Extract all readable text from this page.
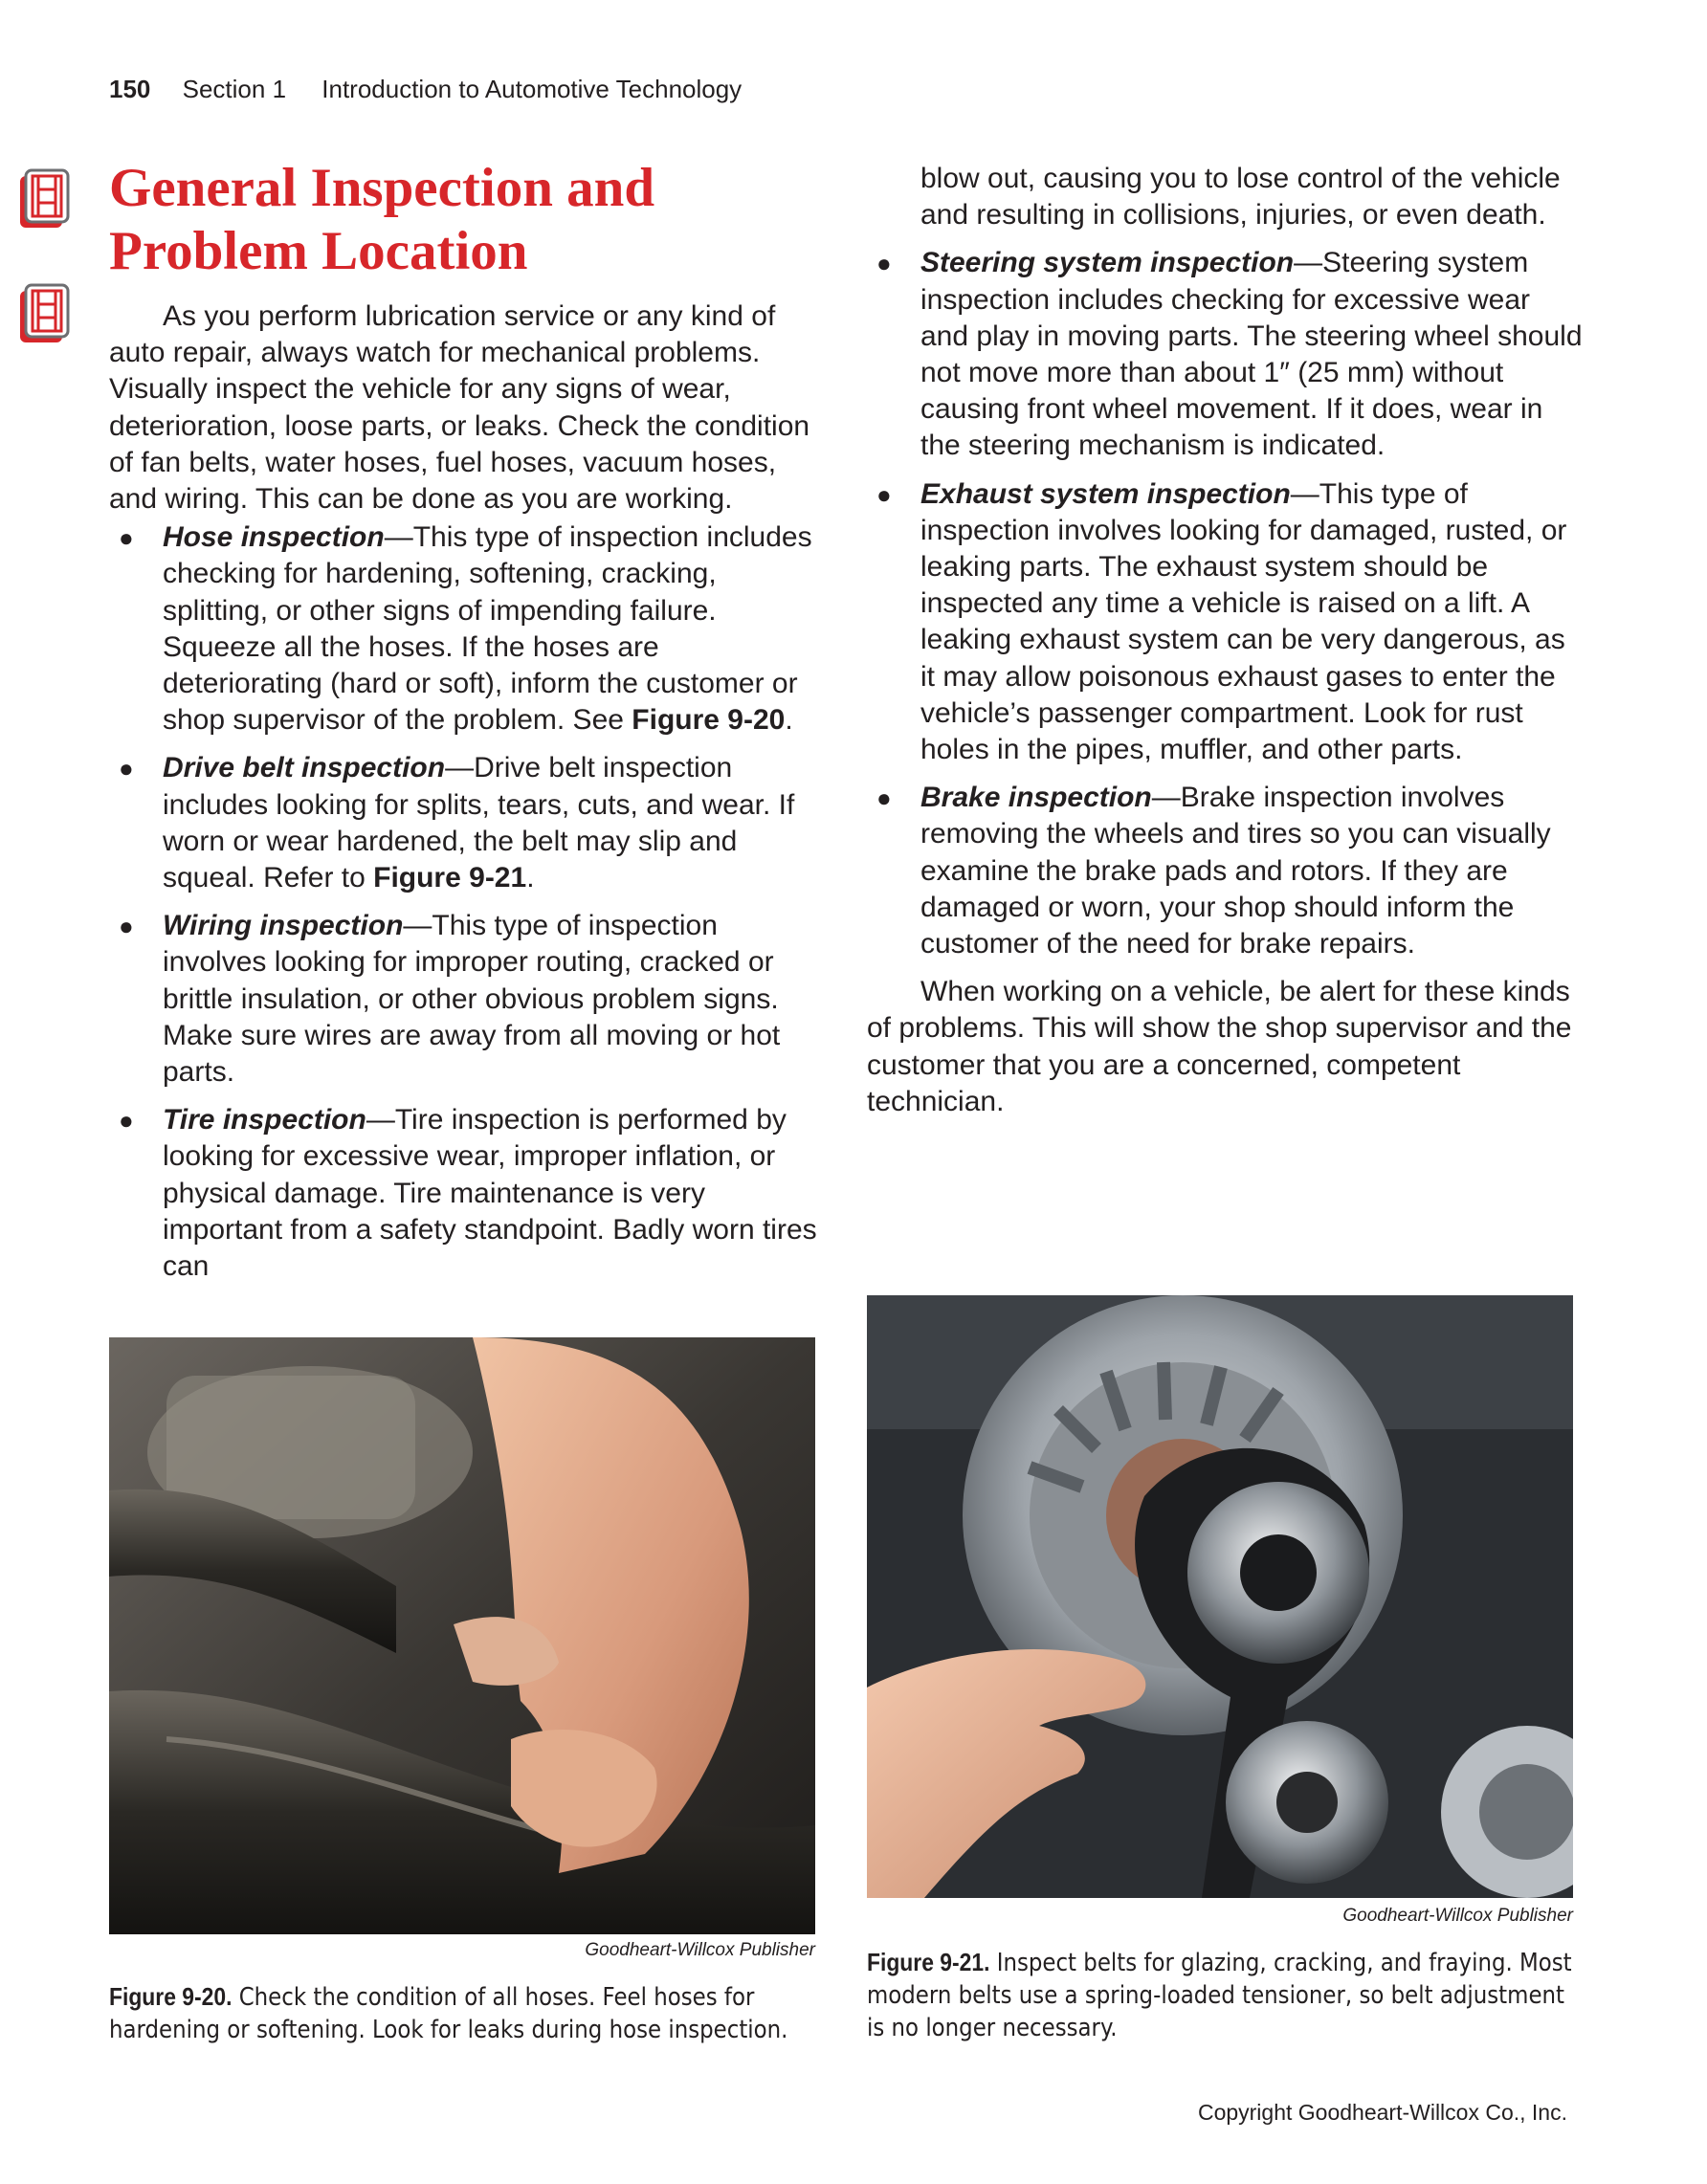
150 Section 1 Introduction to Automotive Technology
General Inspection and Problem Location

As you perform lubrication service or any kind of auto repair, always watch for mechanical problems. Visually inspect the vehicle for any signs of wear, deterioration, loose parts, or leaks. Check the condition of fan belts, water hoses, fuel hoses, vacuum hoses, and wiring. This can be done as you are working.

● Hose inspection—This type of inspection includes checking for hardening, softening, cracking, splitting, or other signs of impending failure. Squeeze all the hoses. If the hoses are deteriorating (hard or soft), inform the customer or shop supervisor of the problem. See Figure 9-20.
● Drive belt inspection—Drive belt inspection includes looking for splits, tears, cuts, and wear. If worn or wear hardened, the belt may slip and squeal. Refer to Figure 9-21.
● Wiring inspection—This type of inspection involves looking for improper routing, cracked or brittle insulation, or other obvious problem signs. Make sure wires are away from all moving or hot parts.
● Tire inspection—Tire inspection is performed by looking for excessive wear, improper inflation, or physical damage. Tire maintenance is very important from a safety standpoint. Badly worn tires can

blow out, causing you to lose control of the vehicle and resulting in collisions, injuries, or even death.

● Steering system inspection—Steering system inspection includes checking for excessive wear and play in moving parts. The steering wheel should not move more than about 1″ (25 mm) without causing front wheel movement. If it does, wear in the steering mechanism is indicated.
● Exhaust system inspection—This type of inspection involves looking for damaged, rusted, or leaking parts. The exhaust system should be inspected any time a vehicle is raised on a lift. A leaking exhaust system can be very dangerous, as it may allow poisonous exhaust gases to enter the vehicle’s passenger compartment. Look for rust holes in the pipes, muffler, and other parts.
● Brake inspection—Brake inspection involves removing the wheels and tires so you can visually examine the brake pads and rotors. If they are damaged or worn, your shop should inform the customer of the need for brake repairs.

When working on a vehicle, be alert for these kinds of problems. This will show the shop supervisor and the customer that you are a concerned, competent technician.

Goodheart-Willcox Publisher
Figure 9-20. Check the condition of all hoses. Feel hoses for hardening or softening. Look for leaks during hose inspection.
Goodheart-Willcox Publisher
Figure 9-21. Inspect belts for glazing, cracking, and fraying. Most modern belts use a spring-loaded tensioner, so belt adjustment is no longer necessary.
Copyright Goodheart-Willcox Co., Inc.
